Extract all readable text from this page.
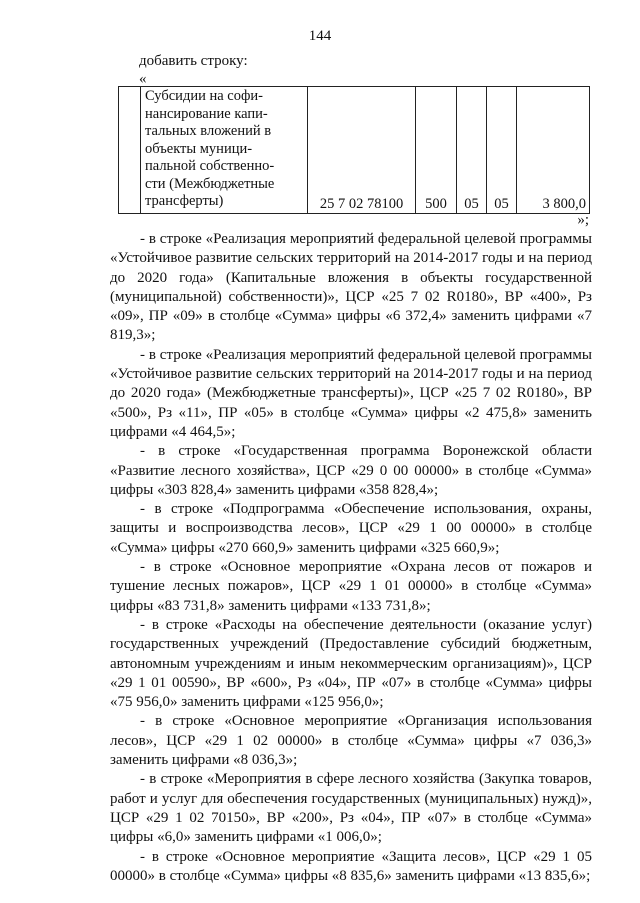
144
добавить строку:
«

Субсидии на софи-
нансирование капи-
тальных вложений в
объекты муници-
пальной собственно-
сти (Межбюджетные
трансферты)	25 7 02 78100	500	05	05	3 800,0
»;

- в строке «Реализация мероприятий федеральной целевой программы «Устойчивое развитие сельских территорий на 2014-2017 годы и на период до 2020 года» (Капитальные вложения в объекты государственной (муниципальной) собственности)», ЦСР «25 7 02 R0180», ВР «400», Рз «09», ПР «09» в столбце «Сумма» цифры «6 372,4» заменить цифрами «7 819,3»;

- в строке «Реализация мероприятий федеральной целевой программы «Устойчивое развитие сельских территорий на 2014-2017 годы и на период до 2020 года» (Межбюджетные трансферты)», ЦСР «25 7 02 R0180», ВР «500», Рз «11», ПР «05» в столбце «Сумма» цифры «2 475,8» заменить цифрами «4 464,5»;

- в строке «Государственная программа Воронежской области «Развитие лесного хозяйства», ЦСР «29 0 00 00000» в столбце «Сумма» цифры «303 828,4» заменить цифрами «358 828,4»;

- в строке «Подпрограмма «Обеспечение использования, охраны, защиты и воспроизводства лесов», ЦСР «29 1 00 00000» в столбце «Сумма» цифры «270 660,9» заменить цифрами «325 660,9»;

- в строке «Основное мероприятие «Охрана лесов от пожаров и тушение лесных пожаров», ЦСР «29 1 01 00000» в столбце «Сумма» цифры «83 731,8» заменить цифрами «133 731,8»;

- в строке «Расходы на обеспечение деятельности (оказание услуг) государственных учреждений (Предоставление субсидий бюджетным, автономным учреждениям и иным некоммерческим организациям)», ЦСР «29 1 01 00590», ВР «600», Рз «04», ПР «07» в столбце «Сумма» цифры «75 956,0» заменить цифрами «125 956,0»;

- в строке «Основное мероприятие «Организация использования лесов», ЦСР «29 1 02 00000» в столбце «Сумма» цифры «7 036,3» заменить цифрами «8 036,3»;

- в строке «Мероприятия в сфере лесного хозяйства (Закупка товаров, работ и услуг для обеспечения государственных (муниципальных) нужд)», ЦСР «29 1 02 70150», ВР «200», Рз «04», ПР «07» в столбце «Сумма» цифры «6,0» заменить цифрами «1 006,0»;

- в строке «Основное мероприятие «Защита лесов», ЦСР «29 1 05 00000» в столбце «Сумма» цифры «8 835,6» заменить цифрами «13 835,6»;
